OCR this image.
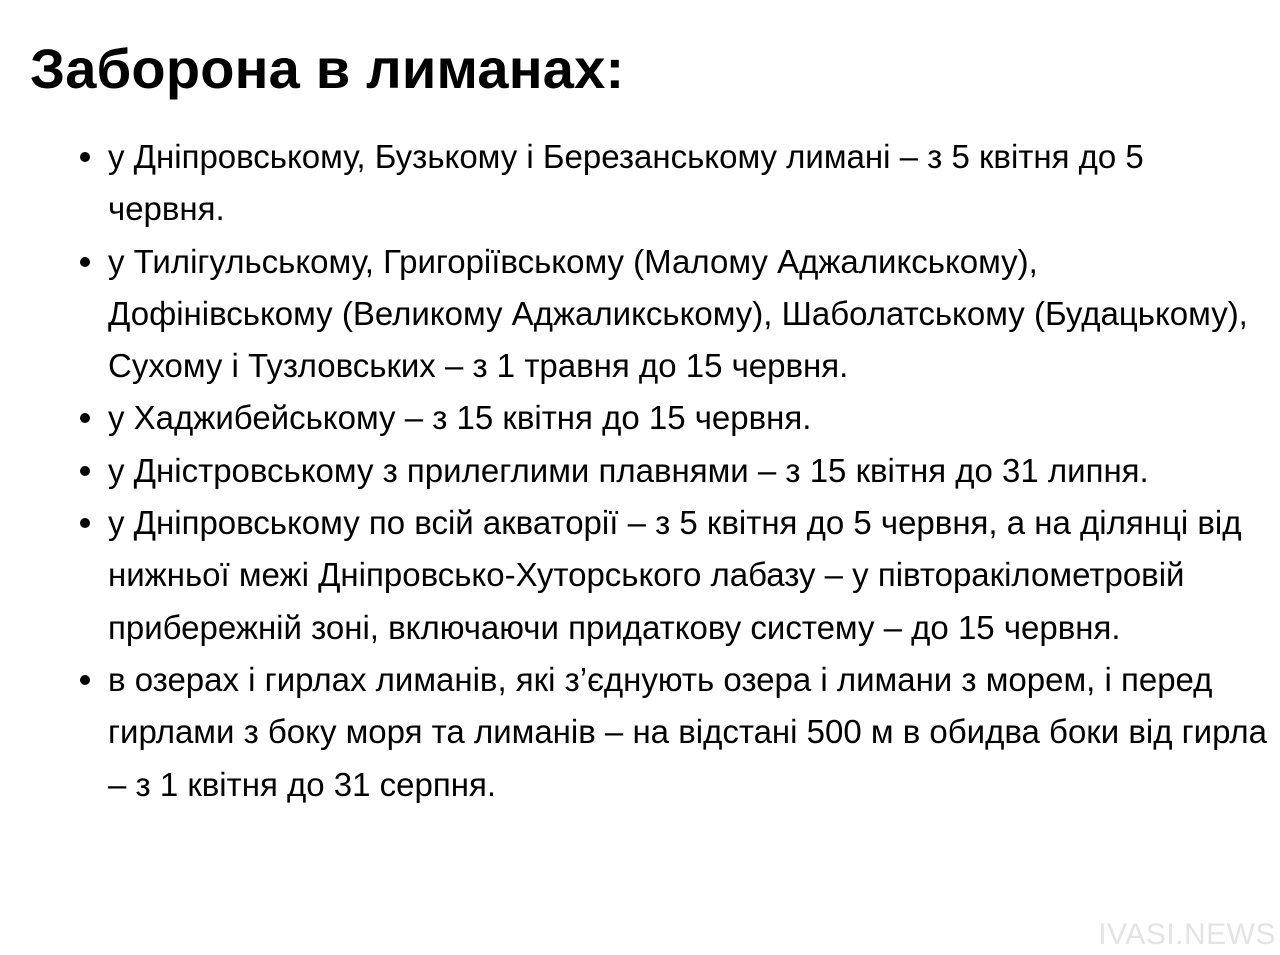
Заборона в лиманах:
у Дніпровському, Бузькому і Березанському лимані – з 5 квітня до 5 червня.
у Тилігульському, Григоріївському (Малому Аджаликському), Дофінівському (Великому Аджаликському), Шаболатському (Будацькому), Сухому і Тузловських – з 1 травня до 15 червня.
у Хаджибейському – з 15 квітня до 15 червня.
у Дністровському з прилеглими плавнями – з 15 квітня до 31 липня.
у Дніпровському по всій акваторії – з 5 квітня до 5 червня, а на ділянці від нижньої межі Дніпровсько-Хуторського лабазу – у півторакілометровій прибережній зоні, включаючи придаткову систему – до 15 червня.
в озерах і гирлах лиманів, які з’єднують озера і лимани з морем, і перед гирлами з боку моря та лиманів – на відстані 500 м в обидва боки від гирла – з 1 квітня до 31 серпня.
IVASI.NEWS
